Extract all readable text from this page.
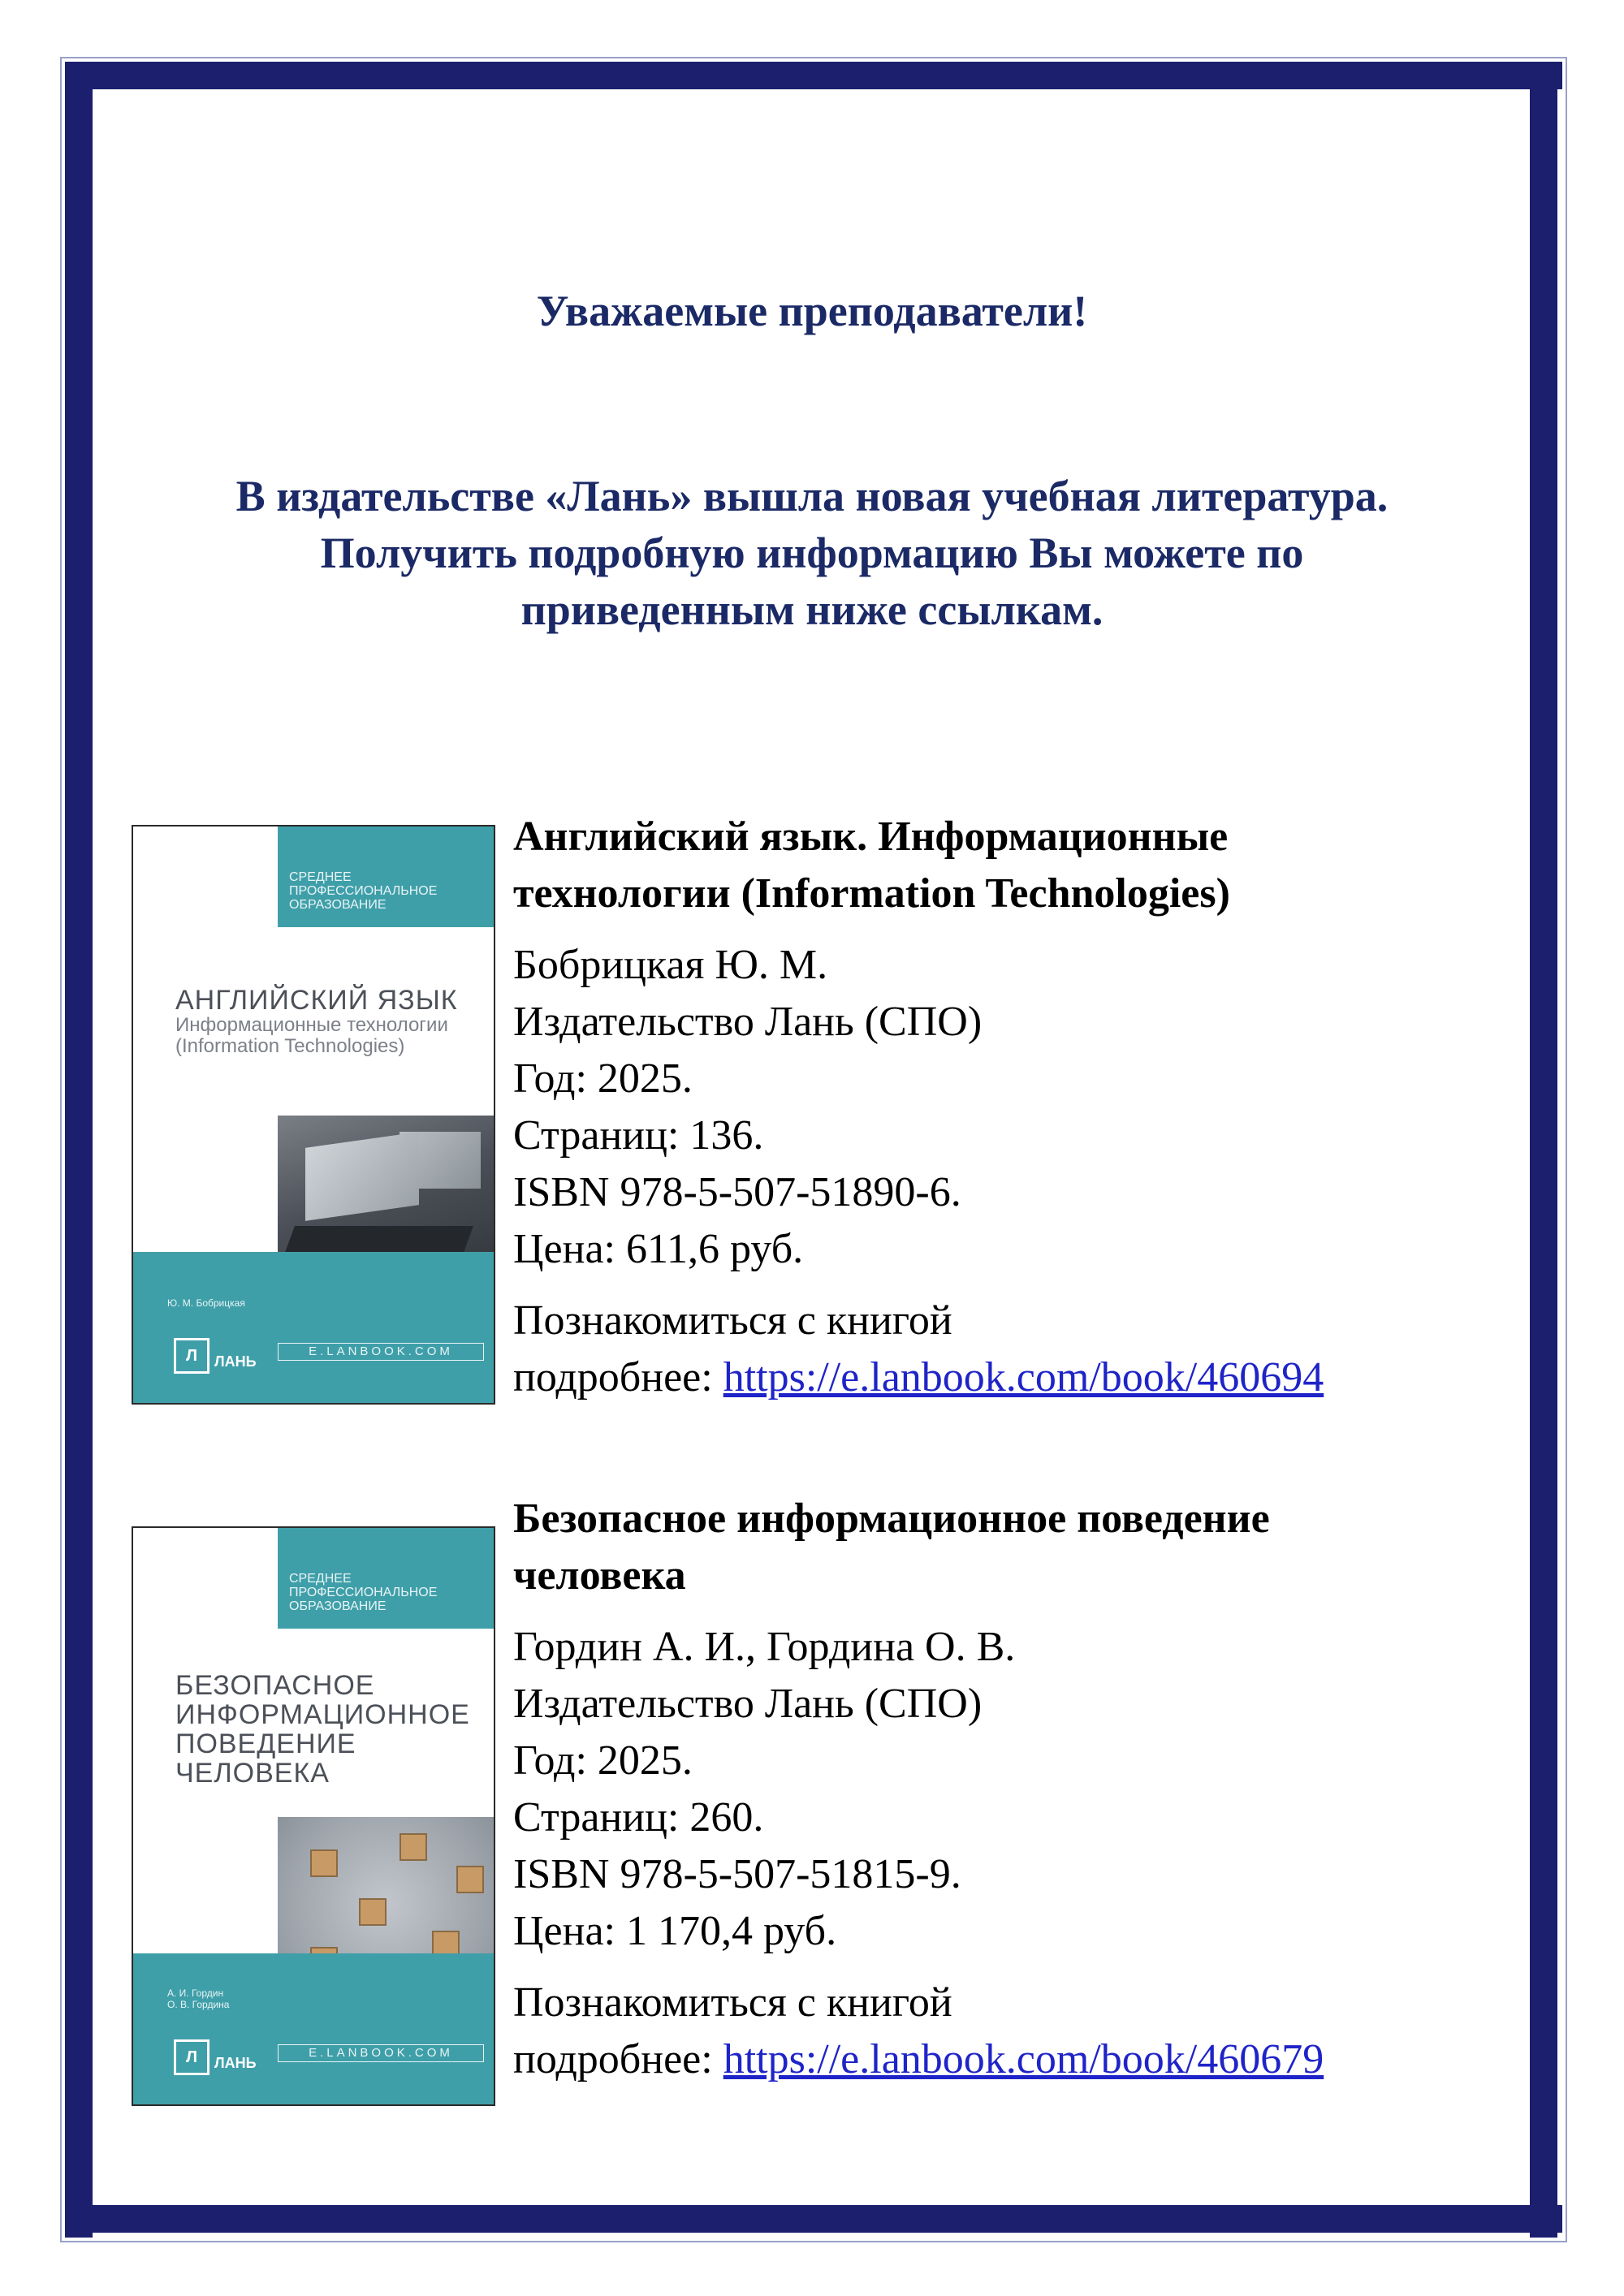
Уважаемые преподаватели!
В издательстве «Лань» вышла новая учебная литература.
Получить подробную информацию Вы можете по
приведенным ниже ссылкам.
СРЕДНЕЕ
ПРОФЕССИОНАЛЬНОЕ
ОБРАЗОВАНИЕ
АНГЛИЙСКИЙ ЯЗЫК
Информационные технологии
(Information Technologies)
Ю. М. Бобрицкая
Л	ЛАНЬ
E.LANBOOK.COM
Английский язык. Информационные
технологии (Information Technologies)
Бобрицкая Ю. М.
Издательство Лань (СПО)
Год: 2025.
Страниц: 136.
ISBN 978-5-507-51890-6.
Цена: 611,6 руб.
Познакомиться с книгой
подробнее: https://e.lanbook.com/book/460694
СРЕДНЕЕ
ПРОФЕССИОНАЛЬНОЕ
ОБРАЗОВАНИЕ
БЕЗОПАСНОЕ
ИНФОРМАЦИОННОЕ
ПОВЕДЕНИЕ ЧЕЛОВЕКА
А. И. Гордин
О. В. Гордина
Л	ЛАНЬ
E.LANBOOK.COM
Безопасное информационное поведение
человека
Гордин А. И., Гордина О. В.
Издательство Лань (СПО)
Год: 2025.
Страниц: 260.
ISBN 978-5-507-51815-9.
Цена: 1 170,4 руб.
Познакомиться с книгой
подробнее: https://e.lanbook.com/book/460679
